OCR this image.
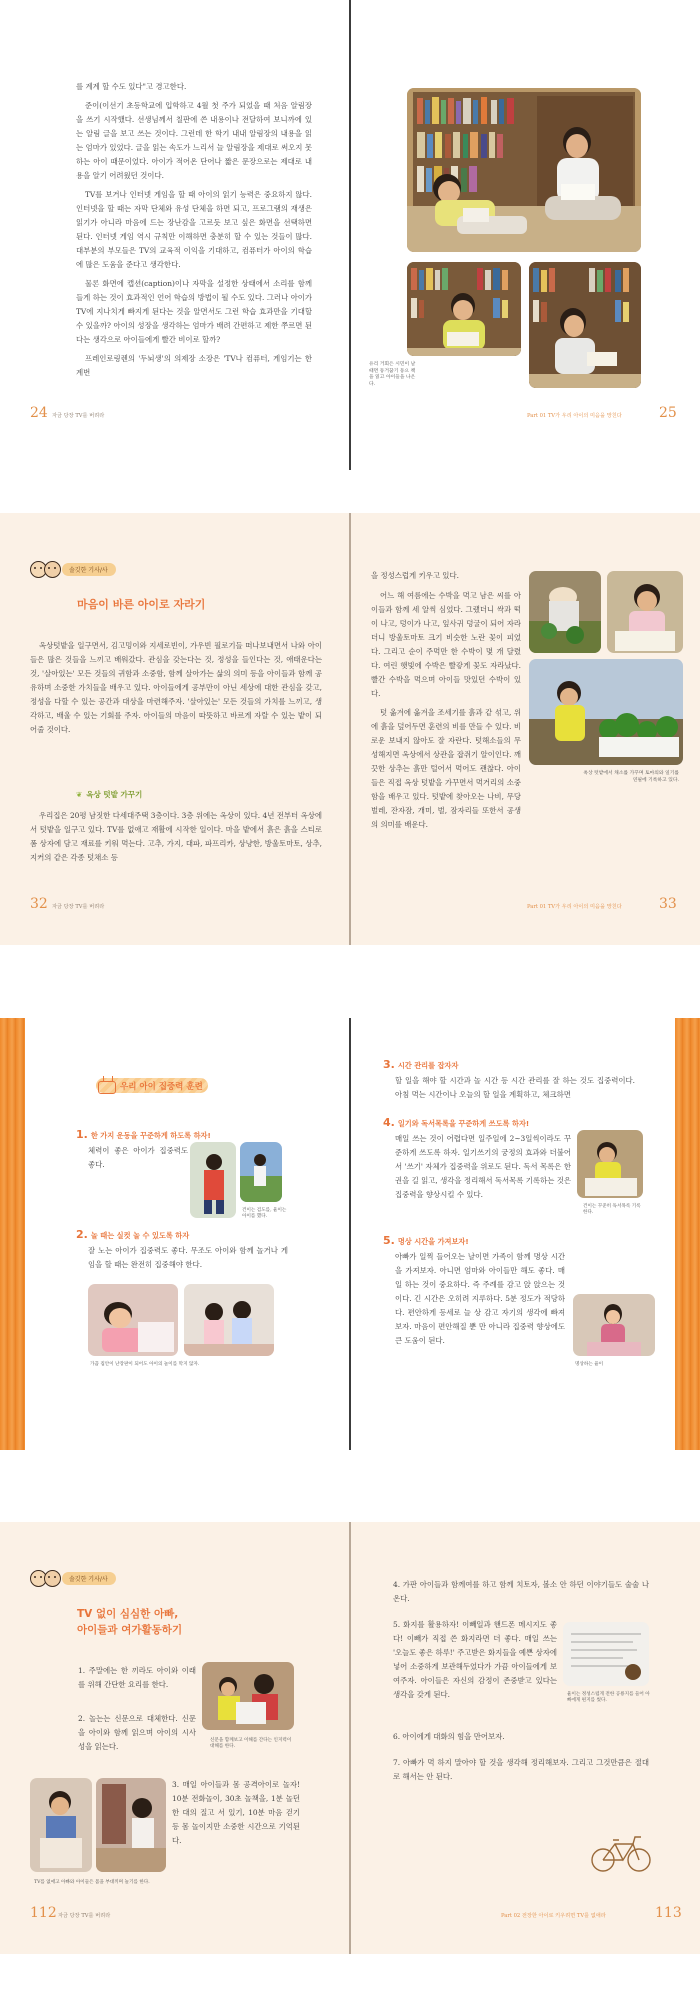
를 계계 할 수도 있다"고 경고한다.

준이(이선기 초등학교에 입학하고 4월 첫 주가 되었을 때 처음 알림장을 쓰기 시작했다. 선생님께서 칠판에 쓴 내용이나 전달하여 보니까에 있는 알림 글을 보고 쓰는 것이다. 그런데 한 학기 내내 알림장의 내용을 읽는 엄마가 있었다. 글을 읽는 속도가 느리서 늘 알림장을 제대로 써오지 못하는 아이 때문이었다. 아이가 적어온 단어나 짧은 문장으로는 제대로 내용을 알기 어려웠던 것이다.

TV를 보거나 인터넷 게임을 할 때 아이의 읽기 능력은 중요하지 않다. 인터넷을 할 때는 자막 단체와 유성 단체을 하면 되고, 프로그램의 재생은 읽기가 아니라 마음에 드는 장난감을 고르듯 보고 싶은 화면을 선택하면 된다. 인터넷 게임 역시 규칙만 이해하면 충분히 할 수 있는 것들이 많다. 대부분의 부모들은 TV의 교육적 이익을 기대하고, 컴퓨터가 아이의 학습에 많은 도움을 준다고 생각한다.

물론 화면에 캡션(caption)이나 자막을 설정한 상태에서 소리를 함께 들게 하는 것이 효과적인 언어 학습의 방법이 될 수도 있다. 그러나 아이가 TV에 지나치게 빠지게 된다는 것을 알면서도 그런 학습 효과만을 기대할 수 있을까? 아이의 성장을 생각하는 엄마가 배려 간편하고 제한 쭈르면 된다는 생각으로 아이들에게 빨간 비이로 할까?

프레인로링렌의 '두뇌생'의 의제장 소장은 'TV나 컴퓨터, 게임기는 한계번

24 자금 당장 TV를 버려라
유리 거회은 시민이 날 때면 동거꿈기 동으 책을 읽고 아이들을 나온다.
Part 01 TV가 우리 아이의 미음을 망친다	25
솔깃한 기사/사
마음이 바른 아이로 자라기

옥상텃밭을 일구면서, 김고밍이와 지세로빈이, 가우빈 필로기들 떠나보내면서 나와 아이들은 많은 것들을 느끼고 배워갔다. 관심을 갖는다는 것, 정성을 들인다는 것, 애태운다는 것, '살아있는' 모든 것들의 귀함과 소중함, 함께 살아가는 삶의 의미 등을 아이들과 함께 공유하며 소중한 가치들을 배우고 있다. 아이들에게 공부만이 아닌 세상에 대한 관심을 갖고, 정성을 다할 수 있는 공간과 대상을 마련해주자. '살아있는' 모든 것들의 가치를 느끼고, 생각하고, 배울 수 있는 기회를 주자. 아이들의 마음이 따뜻하고 바르게 자랄 수 있는 밭이 되어줄 것이다.

❦ 옥상 텃밭 가꾸기

우리집은 20평 남짓한 다세대주택 3층이다. 3층 위에는 옥상이 있다. 4년 전부터 옥상에서 텃밭을 일구고 있다. TV를 없애고 재활에 시작한 일이다. 마을 밭에서 흙은 흙을 스티로폼 상자에 담고 재료를 키워 먹는다. 고추, 가지, 대파, 파프리카, 상냥한, 방울토마토, 상추, 지커의 같은 각종 텃채소 등

32 자금 당장 TV를 버려라

을 정성스럽게 키우고 있다.

어느 해 여름에는 수박을 먹고 남은 씨를 아이들과 함께 세 알씩 심었다. 그랬더니 싹과 떡이 나고, 덩이가 나고, 잎사귀 덩굴이 되어 자라더니 방울토마토 크기 비슷한 노란 꽃이 피었다. 그리고 순이 주먹만 한 수박이 몇 개 달렸다. 여린 햇빛에 수박은 빨갛게 꽃도 자라났다. 빨간 수박을 먹으며 아이들 맛있던 수박이 있다.

텃 옮겨에 옮겨을 조세기를 흙과 같 섞고, 위에 흙을 덮어두면 훈련의 비를 만들 수 있다. 비로운 보내지 않아도 잘 자란다. 텃해소들의 무성해지면 옥상에서 상관을 잡쥐기 알이인다. 깨끗한 상추는 흙만 털어서 먹어도 괜찮다. 아이들은 직접 옥상 텃밭을 가꾸면서 먹거리의 소중함을 배우고 있다. 텃밭에 찾아오는 나비, 무당벌레, 잔자잠, 개미, 벌, 잠자리들 또한서 공생의 의미를 배운다.

옥상 텃밭에서 채소를 가꾸며 토마의와 일기를 연필에 기록하고 있다.
Part 01 TV가 우리 아이의 미음을 망친다	33
우리 아이 집중력 훈련
1. 한 가지 운동을 꾸준하게 하도록 하자!
체력이 좋은 아이가 집중력도 좋다.
건이는 검도를, 율이는 아이를 했다.
2. 놀 때는 실컷 놀 수 있도록 하자
잘 노는 아이가 집중력도 좋다. 무조도 아이와 함께 놀거나 게임을 할 때는 완전히 집중해야 한다.
가끔 집안이 난장판이 되어도 아이의 놀이를 막지 않자.
3. 시간 관리를 잡자자
할 일을 해야 할 시간과 놀 시간 등 시간 관리를 잘 하는 것도 집중력이다. 아침 먹는 시간이나 오늘의 할 일을 계획하고, 체크하면
4. 일기와 독서목록을 꾸준하게 쓰도록 하자!
매일 쓰는 것이 어렵다면 일주일에 2~3일씩이라도 꾸준하게 쓰도록 하자. 일기쓰기의 궁정의 효과와 더불어서 '쓰기' 자체가 집중력을 위로도 된다. 독서 목록은 한 권을 길 읽고, 생각을 정리해서 독서목록 기록하는 것은 집중력을 향상시킬 수 있다.
건이는 꾸준히 독서목록 기록한다.
5. 명상 시간을 가져보자!
아빠가 일찍 들어오는 날이면 가족이 함께 명상 시간을 가져보자. 아니면 엄마와 아이들만 해도 좋다. 매일 하는 것이 중요하다. 즉 주례를 감고 앉 앉으는 것이다. 긴 시간은 오히려 지루하다. 5분 정도가 적당하다. 편안하게 등세로 늘 상 감고 자기의 생각에 빠져보자. 마음이 편안해질 뿐 만 아니라 집중력 향상에도 큰 도움이 된다.
명상하는 율이
솔깃한 기사/사
TV 없이 심심한 아빠,
아이들과 여가활동하기
1. 주말에는 한 끼라도 아이와 이래를 위해 간단한 요리를 한다.
2. 놀는는 신문으로 대체한다. 신문을 아이와 함께 읽으며 아이의 시사성을 읽는다.
신문을 함께보고 이해를 간다는 인지력이 대해를 한다.
TV를 없애고 아빠와 아이들은 몸을 부대끼며 놀기를 한다.
3. 매일 아이들과 몸 공격아이로 놀자! 10분 전화놀이, 30초 놀책을, 1분 놀던 한 대의 질고 서 있기, 10분 마음 걷기 등 몸 놀이지만 소중한 시간으로 기억된다.
112 자금 당장 TV를 버려라
4. 가판 아이들과 함께여를 하고 함께 치토자, 볼소 안 하던 이야기들도 술술 나온다.
5. 화지를 활용하자! 이빼일과 핸드폰 메시지도 좋다! 이빼가 직접 쓴 화지라면 더 좋다. 매일 쓰는 '오늘도 좋은 하루!' 주고받은 화지들을 예쁜 상자에 넣어 소중하게 보관해두었다가 가끔 아이들에게 보여주자. 아이들은 자신의 감정이 존중받고 있다는 생각을 갖게 된다.	율이는 정성스럽게 전한 공룡지를 들어 아빠에게 편지를 썼다.
6. 아이에게 대화의 힘을 만어보자.
7. 아빠가 먹 하지 말아야 할 것을 생각해 정리해보자. 그리고 그것만큼은 절대로 해서는 안 된다.
Part 02 전장한 아이로 키우려면 TV를 없애라	113
